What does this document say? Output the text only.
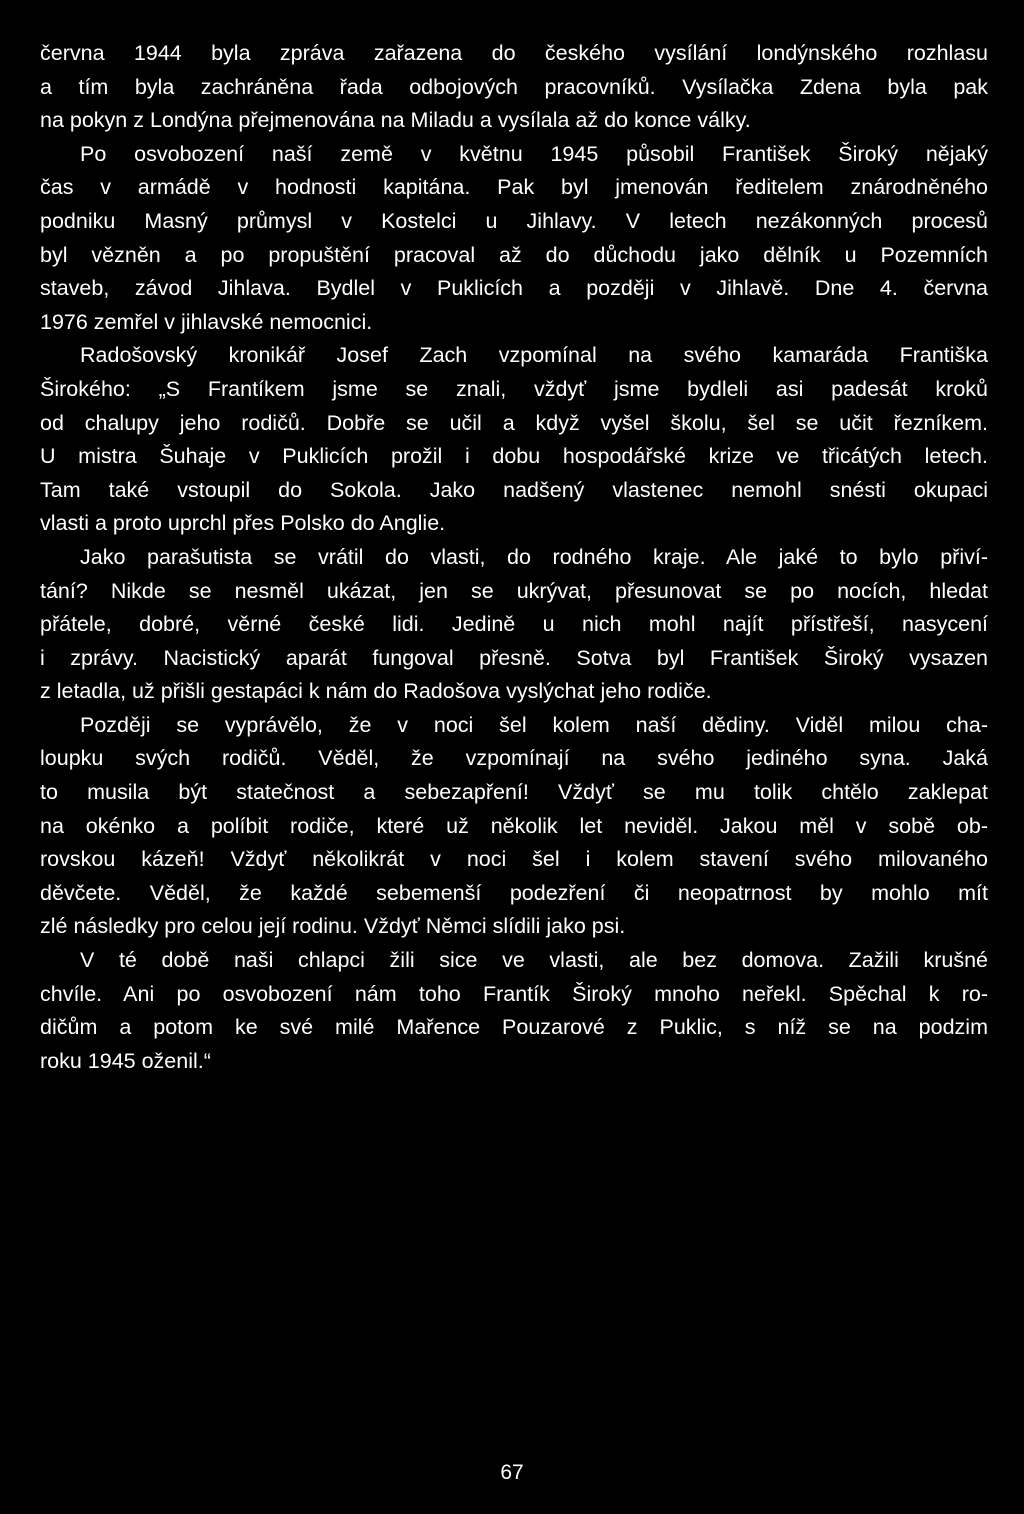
června 1944 byla zpráva zařazena do českého vysílání londýnského rozhlasu
a tím byla zachráněna řada odbojových pracovníků. Vysílačka Zdena byla pak
na pokyn z Londýna přejmenována na Miladu a vysílala až do konce války.
Po osvobození naší země v květnu 1945 působil František Široký nějaký
čas v armádě v hodnosti kapitána. Pak byl jmenován ředitelem znárodněného
podniku Masný průmysl v Kostelci u Jihlavy. V letech nezákonných procesů
byl vězněn a po propuštění pracoval až do důchodu jako dělník u Pozemních
staveb, závod Jihlava. Bydlel v Puklicích a později v Jihlavě. Dne 4. června
1976 zemřel v jihlavské nemocnici.
Radošovský kronikář Josef Zach vzpomínal na svého kamaráda Františka
Širokého: „S Frantíkem jsme se znali, vždyť jsme bydleli asi padesát kroků
od chalupy jeho rodičů. Dobře se učil a když vyšel školu, šel se učit řezníkem.
U mistra Šuhaje v Puklicích prožil i dobu hospodářské krize ve třicátých letech.
Tam také vstoupil do Sokola. Jako nadšený vlastenec nemohl snésti okupaci
vlasti a proto uprchl přes Polsko do Anglie.
Jako parašutista se vrátil do vlasti, do rodného kraje. Ale jaké to bylo přiví-
tání? Nikde se nesměl ukázat, jen se ukrývat, přesunovat se po nocích, hledat
přátele, dobré, věrné české lidi. Jedině u nich mohl najít přístřeší, nasycení
i zprávy. Nacistický aparát fungoval přesně. Sotva byl František Široký vysazen
z letadla, už přišli gestapáci k nám do Radošova vyslýchat jeho rodiče.
Později se vyprávělo, že v noci šel kolem naší dědiny. Viděl milou cha-
loupku svých rodičů. Věděl, že vzpomínají na svého jediného syna. Jaká
to musila být statečnost a sebezapření! Vždyť se mu tolik chtělo zaklepat
na okénko a políbit rodiče, které už několik let neviděl. Jakou měl v sobě ob-
rovskou kázeň! Vždyť několikrát v noci šel i kolem stavení svého milovaného
děvčete. Věděl, že každé sebemenší podezření či neopatrnost by mohlo mít
zlé následky pro celou její rodinu. Vždyť Němci slídili jako psi.
V té době naši chlapci žili sice ve vlasti, ale bez domova. Zažili krušné
chvíle. Ani po osvobození nám toho Frantík Široký mnoho neřekl. Spěchal k ro-
dičům a potom ke své milé Mařence Pouzarové z Puklic, s níž se na podzim
roku 1945 oženil.“
67
